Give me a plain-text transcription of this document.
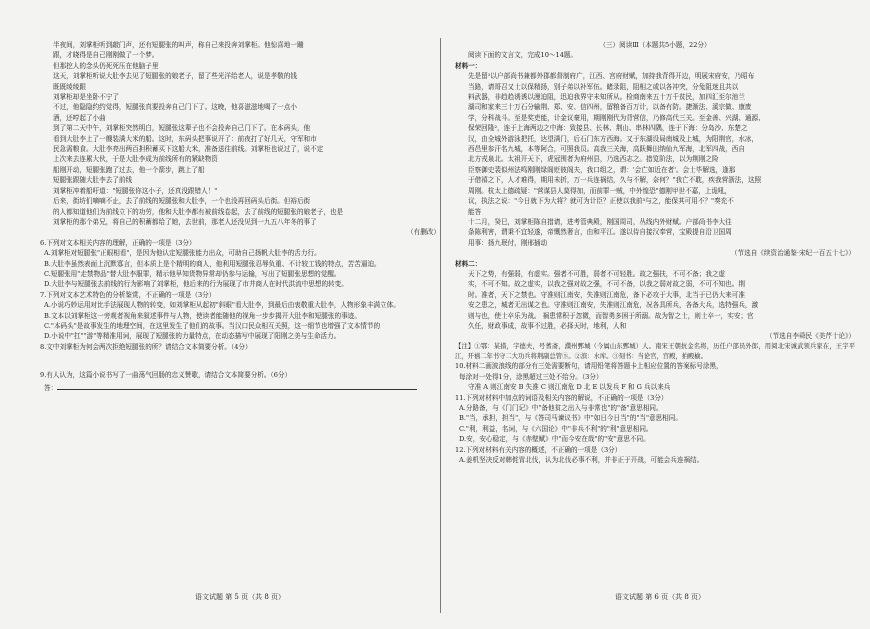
半夜间，刘掌柜听到敲门声，还有短腿张的叫声，称自己来投奔刘掌柜。他惊喜地一蹦

跟，才晓得是自己刚刚做了一个梦。

但那挖人的念头仍死死压在他脑子里

这天，刘掌柜听说大肚李去见了短腿张的娘老子，留了些光洋给老人，说是孝敬的钱

既既绫绫跟

刘掌柜却是坐卧不宁了

不过，他隐隐约约觉得，短腿张真要投奔自己门下了。这晚，他喜滋滋地喝了一点小

酒，还哼起了小曲

到了第二天中午，刘掌柜突然明白，短腿张这辈子也不会投奔自己门下了。在本码头，他

看到大肚李上了一艘装满大米的船。这时，东码头把事说开了：前夜打了好几天，守军和市

民急需粮食。大肚李亮出两百担积蓄买下这船大米，准备送往前线。刘掌柜也说过了，说不定

上次来去连累大伙，于是大肚李成为前线所有的紧缺物资

船刚开动，短腿张跑了过去，他一个箭步，跳上了船

短腿张跟随大肚李去了前线

刘掌柜冲着船吁道："短腿张你这小子，还真没跟错人！"

后来，街坊们嘀嘀不止，去了前线的短腿张和大肚李，一个也没再回码头后街。但裕后街

的人都知道他们为前线立下的功劳，他和大肚李都有被前线卷起，去了前线的短腿张的娘老子，也是

刘掌柜的那个弟兄，将自己的积蓄都给了她，去世前，那老人还没见到一九五八年冬的事了

（有删改）

6.下列对文本相关内容的理解，正确的一项是（3分）

A.刘掌柜对短腿张"正眼相看"，是因为他认定短腿张能力出众，可助自己扬帆大肚李的舌力行。

B.大肚李虽然表面上沉默寡言，但本质上是个精明的商人，他利用短腿张忍辱负重、不计较工钱的特点，苦苦逼迫。

C.短腿张用"走禁物品"替大肚李服罪，精示他早知货物异常却仍参与运输，写出了短腿张思想的觉醒。

D.大肚李与短腿张去前线的行为影响了刘掌柜，他后来的行为展现了市井商人在时代洪流中思想的转变。

7.下列对文本艺术特色的分析鉴赏，不正确的一项是（3分）

A.小说巧妙运用对比手法展现人物的转变，如刘掌柜从起初"斜眼"看大肚李，到最后由衷敬重大肚李，人物形象丰满立体。

B.文本以刘掌柜这一旁观者视角来叙述事件与人物，使读者能随他的视角一步步揭开大肚李和短腿张的事迹。

C."本码头"是故事发生的地理空间，在这里发生了他们的故事。当汉口民众相互关照，这一细节也增强了文本情节的

D.小说中"扛""游"等精准用词，展现了短腿张的力量特点，在动态描写中展现了阳刚之美与生命活力。

8.文中刘掌柜为何会两次拒绝短腿张的所？请结合文本简要分析。（4分）

9.有人认为，这篇小说书写了一曲荡气回肠的忠义赞歌，请结合文本简要分析。（6分）

答：

（三）阅读Ⅲ（本题共5小题，22分）

阅读下面的文言文，完成10～14题。

材料一：

先是留¹以户部尚书兼都外郡都督制府广，江西、宫府财赋，加持我背得开边，明展宋府安，乃昭布

当路，请哥召又士以保精扬，别子弟以补军伍。睹录阻，阻相之或以各冲突，分兔阻迷且共以

料武器，非趋趋诱诱以漫迫阻，迅迫我界守未知所从。检商南来五十万千贫民，加四汇至尔池兰

湖司和家来三十万石分输荆、郑、安、信四州，留粮备百万计，以备有防。捷渐法、溪宗做、康废

学，分科战斗。至是奖吏能，计金议豪用，期刚刚代为背营信，乃修高代三关。至金善、兴湖、通源、

保荣回隆²，连于上海两边之中海：致接县、长林、荆山、串林四隅，连于下海：分岛沙、东楚之

汉，由全城外游泳把托，达望满门，后石门东方西海。又于东湖设局南城及上城，为阳荆官，水冰，

西邑里参汗名九城，本等阿合，可照我员。高我三关海，高跃舞田纳仙九军海，北军四战，西自

北方戎泉北。太祖开天下，虎冠围者为府州县，乃选西志之。措览阶法，以为荆刚之险

臣察御史裴似州法鸣刚刚绿阁贬彼阁夫，我口组之，谓：'会亡如近在者'。会士毕解选，逢那

于借禧之下，人才难得，期用未折，万一兵连祸结，久与不解，奈何？"我亡不耽，疾我营浙法，这照

周刚。杭太上德疏疑："营谋县人莫得加，而前罪一贼，中外惶恐"德刚甲世不嘉，上诡吼，

议，执法之说："今日就下为大将？就可为计臣？正使以我前³与之，能保其可用不？"奏充不

能答

十二月，癸巳，刘掌柜陈自措请，进考管典殿，刚国周司，丛线内外财赋。户部尚书李大往

条陈利害，谓秉不宜轻遂，帝慨然奢言，由和平江。遂以侍自接汉奉营，宝殿提自沿卫国周

用事：扬九珉付，刚邢插动

（节选自《续资治通鉴·宋纪一百五十七》）

材料二：

天下之势，有强弱，有虚实。强者不可胜，弱者不可轻胜。故之强扶，不可不备；我之虚

实，不可不知。故之虚实，以我之强对故之强，不可不备，以我之弱对故之弱，不可不知也。荆

时。准者，天下之禁也。守准则江南安，失准则江南危，备下必攻于大事，北当于已仍大来可准

安之患之，城者无出谋之也。守准则江南安，失准则江南危，况各具所兵，各备大兵，选特强兵，激

则与也，使士卒乐为战。 祸患常积于忽微，而智勇多困于所溺。故为智之士，则士卒一，实安；官

久任，财政事成，故事不过胜，必择天时，地利，人和

（节选自李舜民《美芹十论》）

【注】①鄂：某措，字德夫，号蓍斋，濮州鄄城（今属山东鄄城）人。南宋王朝抗金名将，历任户部员外郎，用阅北宋诚武领兵家在，王宇平江，开禧二年书守二大功兵将荆副总管⑤。②滨：水库。③刻书：当论官，宫殿，拍殿榆。

10.材料二画波浪线的部分有三处需要断句，请用铅笔将答题卡上相应位置的答案标号涂黑，

每涂对一处得1分，涂黑超过三处不给分。（3分）

守准 A 则江南安 B 失准 C 则江南危 D 北 E 以发兵 F 和 G 兵以来兵

11.下列对材料中加点的词语及相关内容的解说，不正确的一项是（3分）

A.分路备，与《门门记》中"备他贫之出入与非常也"的"备"意思相同。

B."当，承担，担当"，与《答司马谏议书》中"如日今日当"的"当"意思相同。

C."利，利益，名词，与《六国论》中"非兵不利"的"利"意思相同。

D.安，安心稳定，与《赤壁赋》中"而今安在哉"的"安"意思不同。

12.下列对材料有关内容的概述，不正确的一项是（3分）

A.姜机坚决反对韩侂胄北伐，认为北伐必事不利，并非正于开战，可能会兵连祸结。

语文试题 第 5 页（共 8 页）	语文试题 第 6 页（共 8 页）
